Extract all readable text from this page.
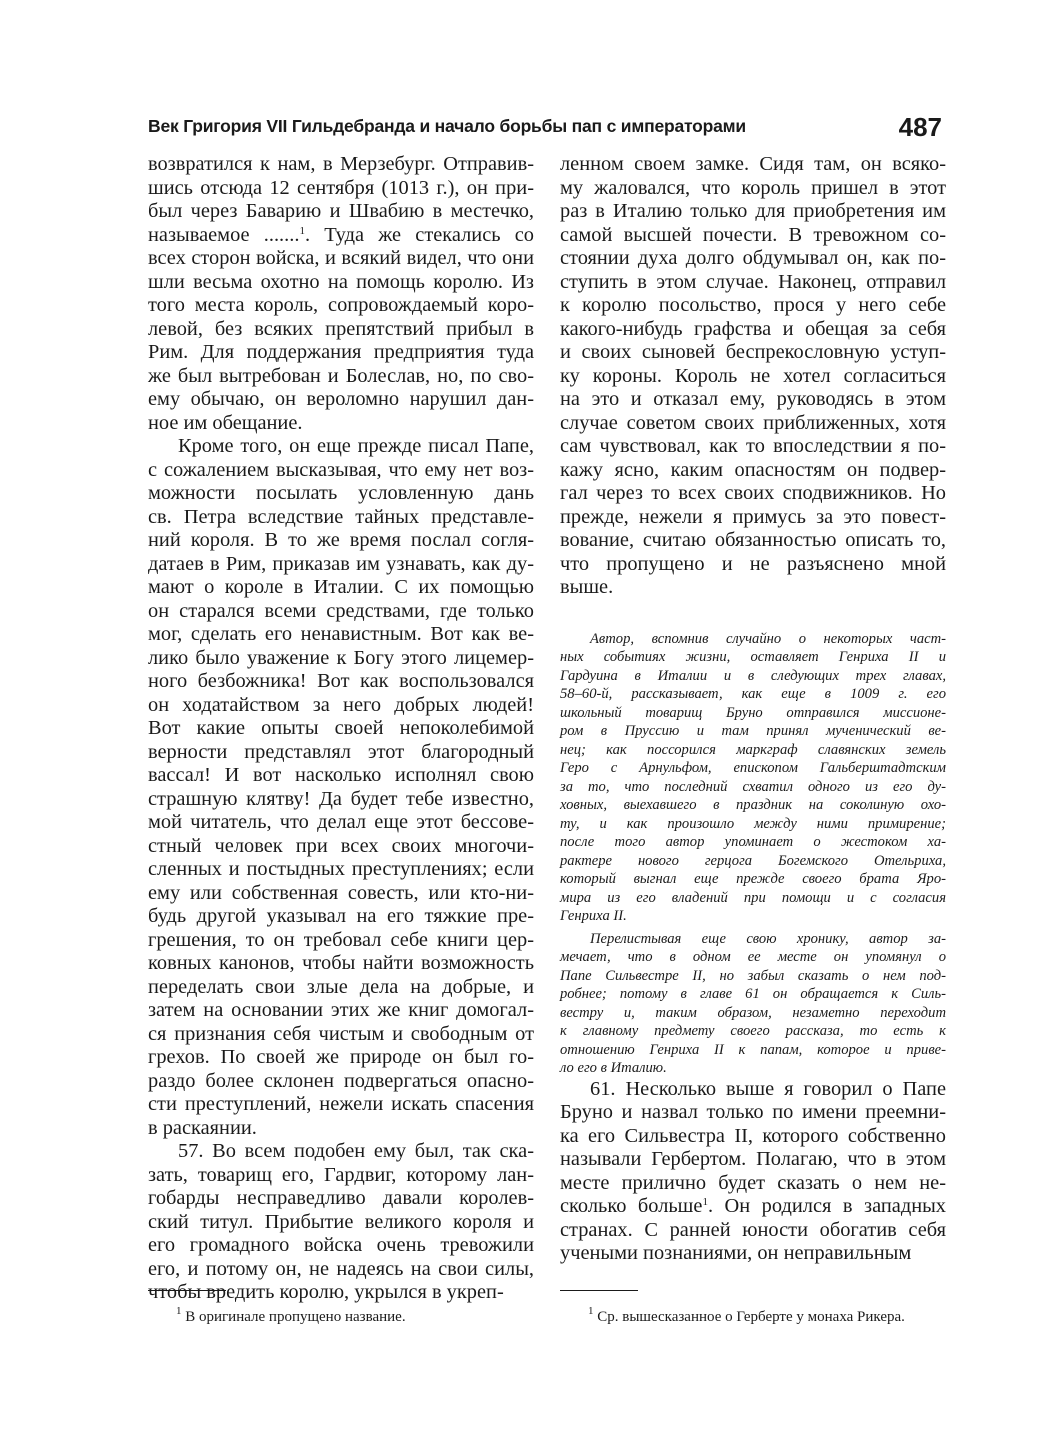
Век Григория VII Гильдебранда и начало борьбы пап с императорами	487

возвратился к нам, в Мерзебург. Отправив-
шись отсюда 12 сентября (1013 г.), он при-
был через Баварию и Швабию в местечко,
называемое .......$^1$. Туда же стекались со
всех сторон войска, и всякий видел, что они
шли весьма охотно на помощь королю. Из
того места король, сопровождаемый коро-
левой, без всяких препятствий прибыл в
Рим. Для поддержания предприятия туда
же был вытребован и Болеслав, но, по сво-
ему обычаю, он вероломно нарушил дан-
ное им обещание.

Кроме того, он еще прежде писал Папе,
с сожалением высказывая, что ему нет воз-
можности посылать условленную дань
св. Петра вследствие тайных представле-
ний короля. В то же время послал согля-
датаев в Рим, приказав им узнавать, как ду-
мают о короле в Италии. С их помощью
он старался всеми средствами, где только
мог, сделать его ненавистным. Вот как ве-
лико было уважение к Богу этого лицемер-
ного безбожника! Вот как воспользовался
он ходатайством за него добрых людей!
Вот какие опыты своей непоколебимой
верности представлял этот благородный
вассал! И вот насколько исполнял свою
страшную клятву! Да будет тебе известно,
мой читатель, что делал еще этот бессове-
стный человек при всех своих многочи-
сленных и постыдных преступлениях; если
ему или собственная совесть, или кто-ни-
будь другой указывал на его тяжкие пре-
грешения, то он требовал себе книги цер-
ковных канонов, чтобы найти возможность
переделать свои злые дела на добрые, и
затем на основании этих же книг домогал-
ся признания себя чистым и свободным от
грехов. По своей же природе он был го-
раздо более склонен подвергаться опасно-
сти преступлений, нежели искать спасения
в раскаянии.

57. Во всем подобен ему был, так ска-
зать, товарищ его, Гардвиг, которому лан-
гобарды несправедливо давали королев-
ский титул. Прибытие великого короля и
его громадного войска очень тревожили
его, и потому он, не надеясь на свои силы,
чтобы вредить королю, укрылся в укреп-

ленном своем замке. Сидя там, он всяко-
му жаловался, что король пришел в этот
раз в Италию только для приобретения им
самой высшей почести. В тревожном со-
стоянии духа долго обдумывал он, как по-
ступить в этом случае. Наконец, отправил
к королю посольство, прося у него себе
какого-нибудь графства и обещая за себя
и своих сыновей беспрекословную уступ-
ку короны. Король не хотел согласиться
на это и отказал ему, руководясь в этом
случае советом своих приближенных, хотя
сам чувствовал, как то впоследствии я по-
кажу ясно, каким опасностям он подвер-
гал через то всех своих сподвижников. Но
прежде, нежели я примусь за это повест-
вование, считаю обязанностью описать то,
что пропущено и не разъяснено мной
выше.

Автор, вспомнив случайно о некоторых част-
ных событиях жизни, оставляет Генриха II и
Гардуина в Италии и в следующих трех главах,
58–60-й, рассказывает, как еще в 1009 г. его
школьный товарищ Бруно отправился миссионе-
ром в Пруссию и там принял мученический ве-
нец; как поссорился маркграф славянских земель
Геро с Арнульфом, епископом Гальберштадтским
за то, что последний схватил одного из его ду-
ховных, выехавшего в праздник на соколиную охо-
ту, и как произошло между ними примирение;
после того автор упоминает о жестоком ха-
рактере нового герцога Богемского Отельриха,
который выгнал еще прежде своего брата Яро-
мира из его владений при помощи и с согласия
Генриха II.

Перелистывая еще свою хронику, автор за-
мечает, что в одном ее месте он упомянул о
Папе Сильвестре II, но забыл сказать о нем под-
робнее; потому в главе 61 он обращается к Силь-
вестру и, таким образом, незаметно переходит
к главному предмету своего рассказа, то есть к
отношению Генриха II к папам, которое и приве-
ло его в Италию.

61. Несколько выше я говорил о Папе
Бруно и назвал только по имени преемни-
ка его Сильвестра II, которого собственно
называли Гербертом. Полагаю, что в этом
месте прилично будет сказать о нем не-
сколько больше$^1$. Он родился в западных
странах. С ранней юности обогатив себя
учеными познаниями, он неправильным

$^1$ В оригинале пропущено название.	$^1$ Ср. вышесказанное о Герберте у монаха Рикера.
